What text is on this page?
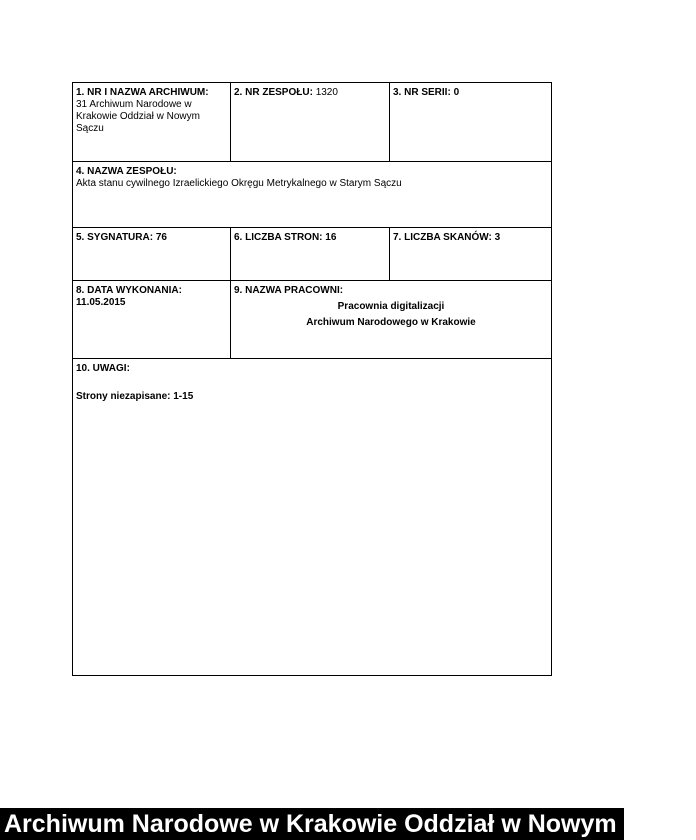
1. NR I NAZWA ARCHIWUM:
31 Archiwum Narodowe w
Krakowie Oddział w Nowym
Sączu
2. NR ZESPOŁU: 1320	3. NR SERII: 0
4. NAZWA ZESPOŁU:
Akta stanu cywilnego Izraelickiego Okręgu Metrykalnego w Starym Sączu
5. SYGNATURA: 76	6. LICZBA STRON: 16	7. LICZBA SKANÓW: 3
8. DATA WYKONANIA:
11.05.2015
9. NAZWA PRACOWNI:
Pracownia digitalizacji
Archiwum Narodowego w Krakowie
10. UWAGI:
Strony niezapisane: 1-15
Archiwum Narodowe w Krakowie Oddział w Nowym Sączu
